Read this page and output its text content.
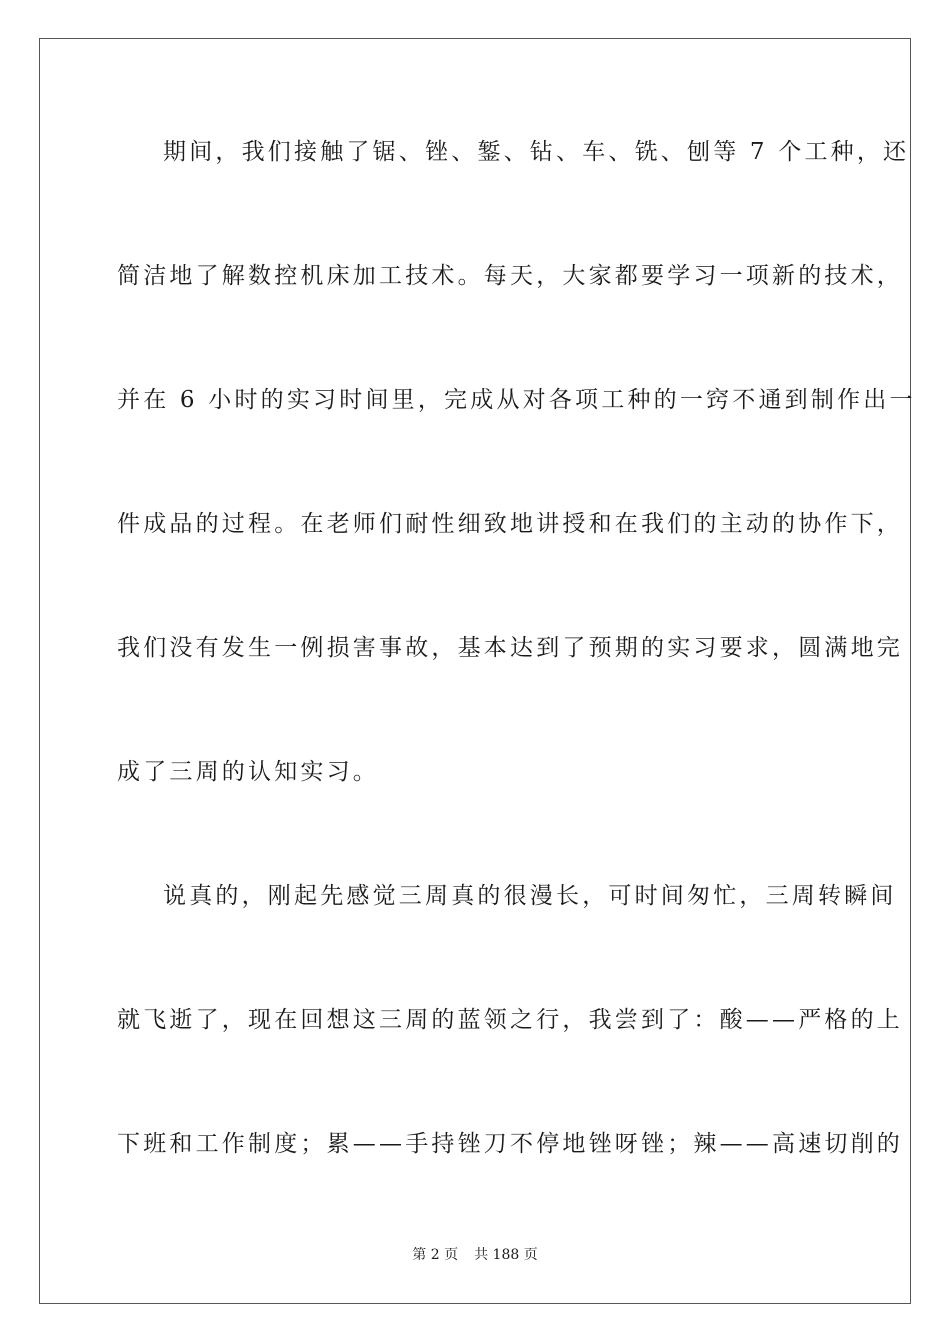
期间，我们接触了锯、锉、錾、钻、车、铣、刨等 7 个工种，还
简洁地了解数控机床加工技术。每天，大家都要学习一项新的技术，
并在 6 小时的实习时间里，完成从对各项工种的一窍不通到制作出一
件成品的过程。在老师们耐性细致地讲授和在我们的主动的协作下，
我们没有发生一例损害事故，基本达到了预期的实习要求，圆满地完
成了三周的认知实习。
说真的，刚起先感觉三周真的很漫长，可时间匆忙，三周转瞬间
就飞逝了，现在回想这三周的蓝领之行，我尝到了：酸——严格的上
下班和工作制度；累——手持锉刀不停地锉呀锉；辣——高速切削的
第 2 页 共 188 页
